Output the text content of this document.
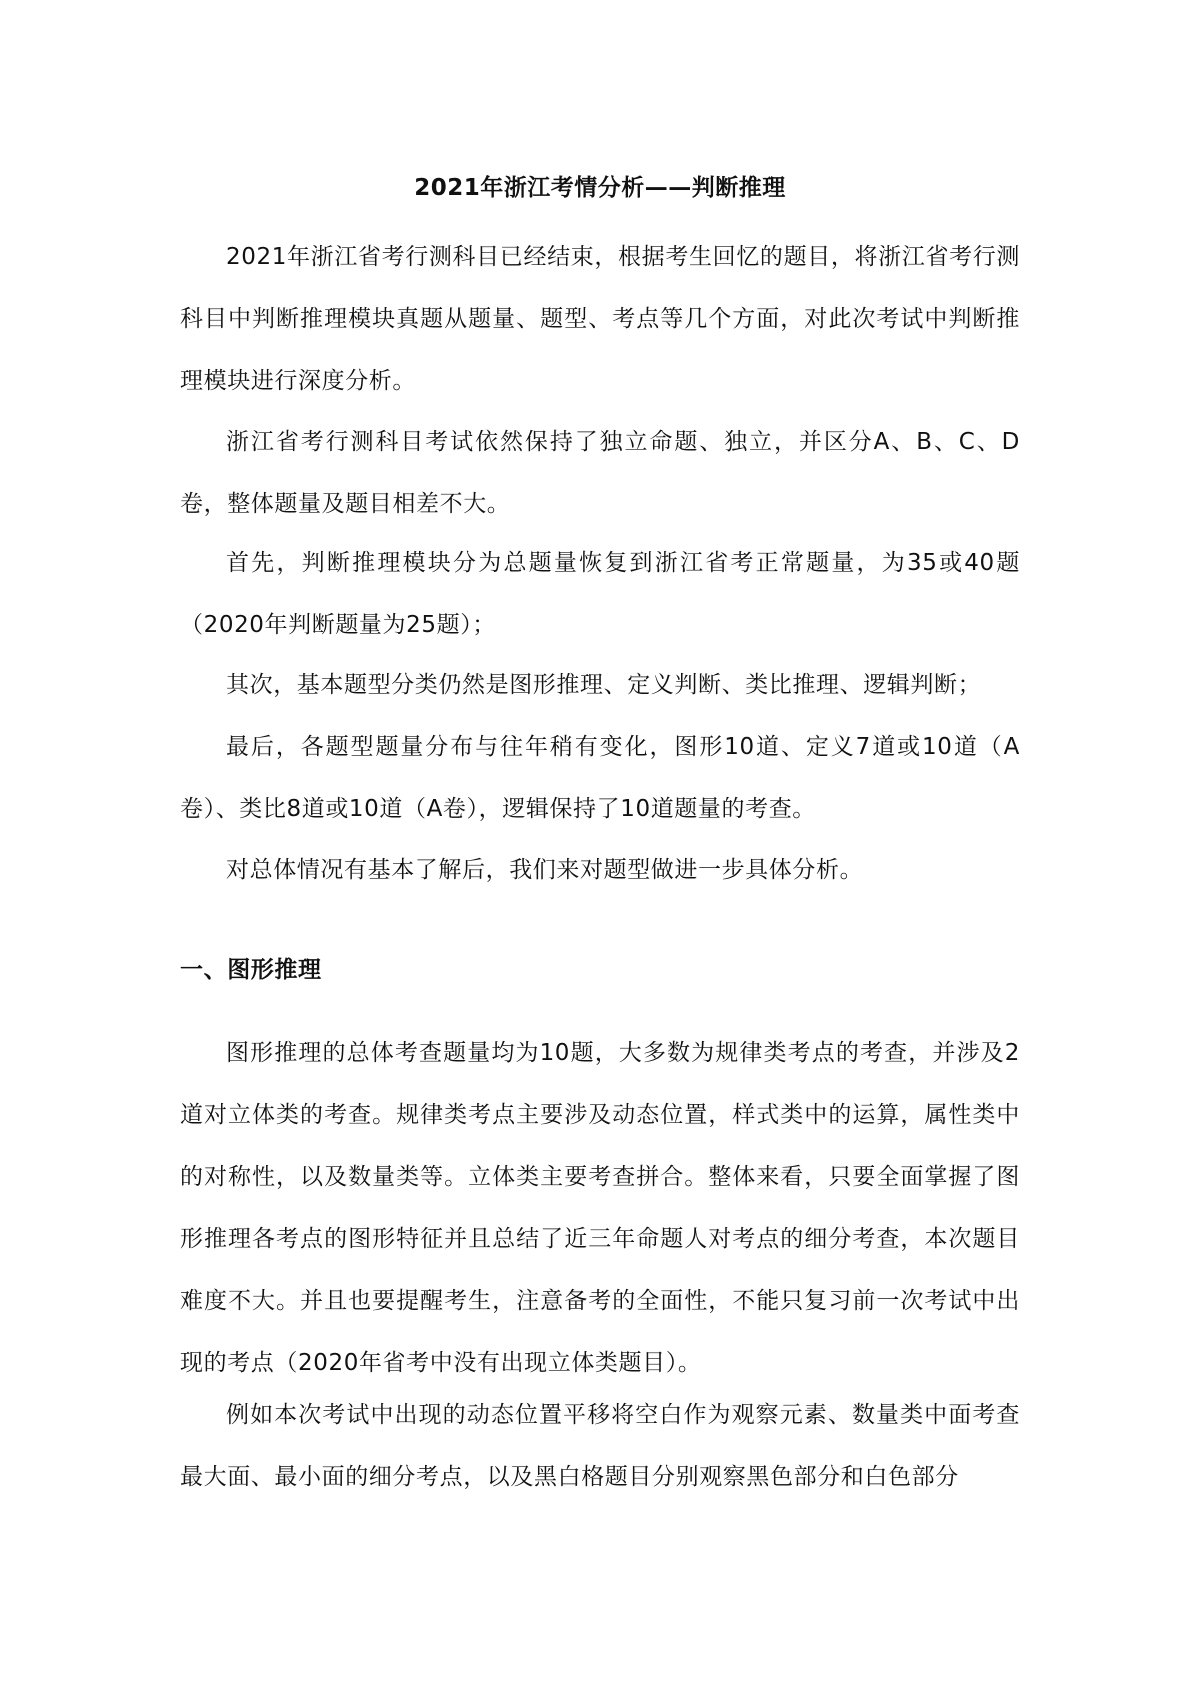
2021年浙江考情分析——判断推理

2021年浙江省考行测科目已经结束，根据考生回忆的题目，将浙江省考行测科目中判断推理模块真题从题量、题型、考点等几个方面，对此次考试中判断推理模块进行深度分析。

浙江省考行测科目考试依然保持了独立命题、独立，并区分A、B、C、D卷，整体题量及题目相差不大。

首先，判断推理模块分为总题量恢复到浙江省考正常题量，为35或40题（2020年判断题量为25题）；

其次，基本题型分类仍然是图形推理、定义判断、类比推理、逻辑判断；

最后，各题型题量分布与往年稍有变化，图形10道、定义7道或10道（A卷）、类比8道或10道（A卷），逻辑保持了10道题量的考查。

对总体情况有基本了解后，我们来对题型做进一步具体分析。

一、图形推理

图形推理的总体考查题量均为10题，大多数为规律类考点的考查，并涉及2道对立体类的考查。规律类考点主要涉及动态位置，样式类中的运算，属性类中的对称性，以及数量类等。立体类主要考查拼合。整体来看，只要全面掌握了图形推理各考点的图形特征并且总结了近三年命题人对考点的细分考查，本次题目难度不大。并且也要提醒考生，注意备考的全面性，不能只复习前一次考试中出现的考点（2020年省考中没有出现立体类题目）。

例如本次考试中出现的动态位置平移将空白作为观察元素、数量类中面考查最大面、最小面的细分考点，以及黑白格题目分别观察黑色部分和白色部分
